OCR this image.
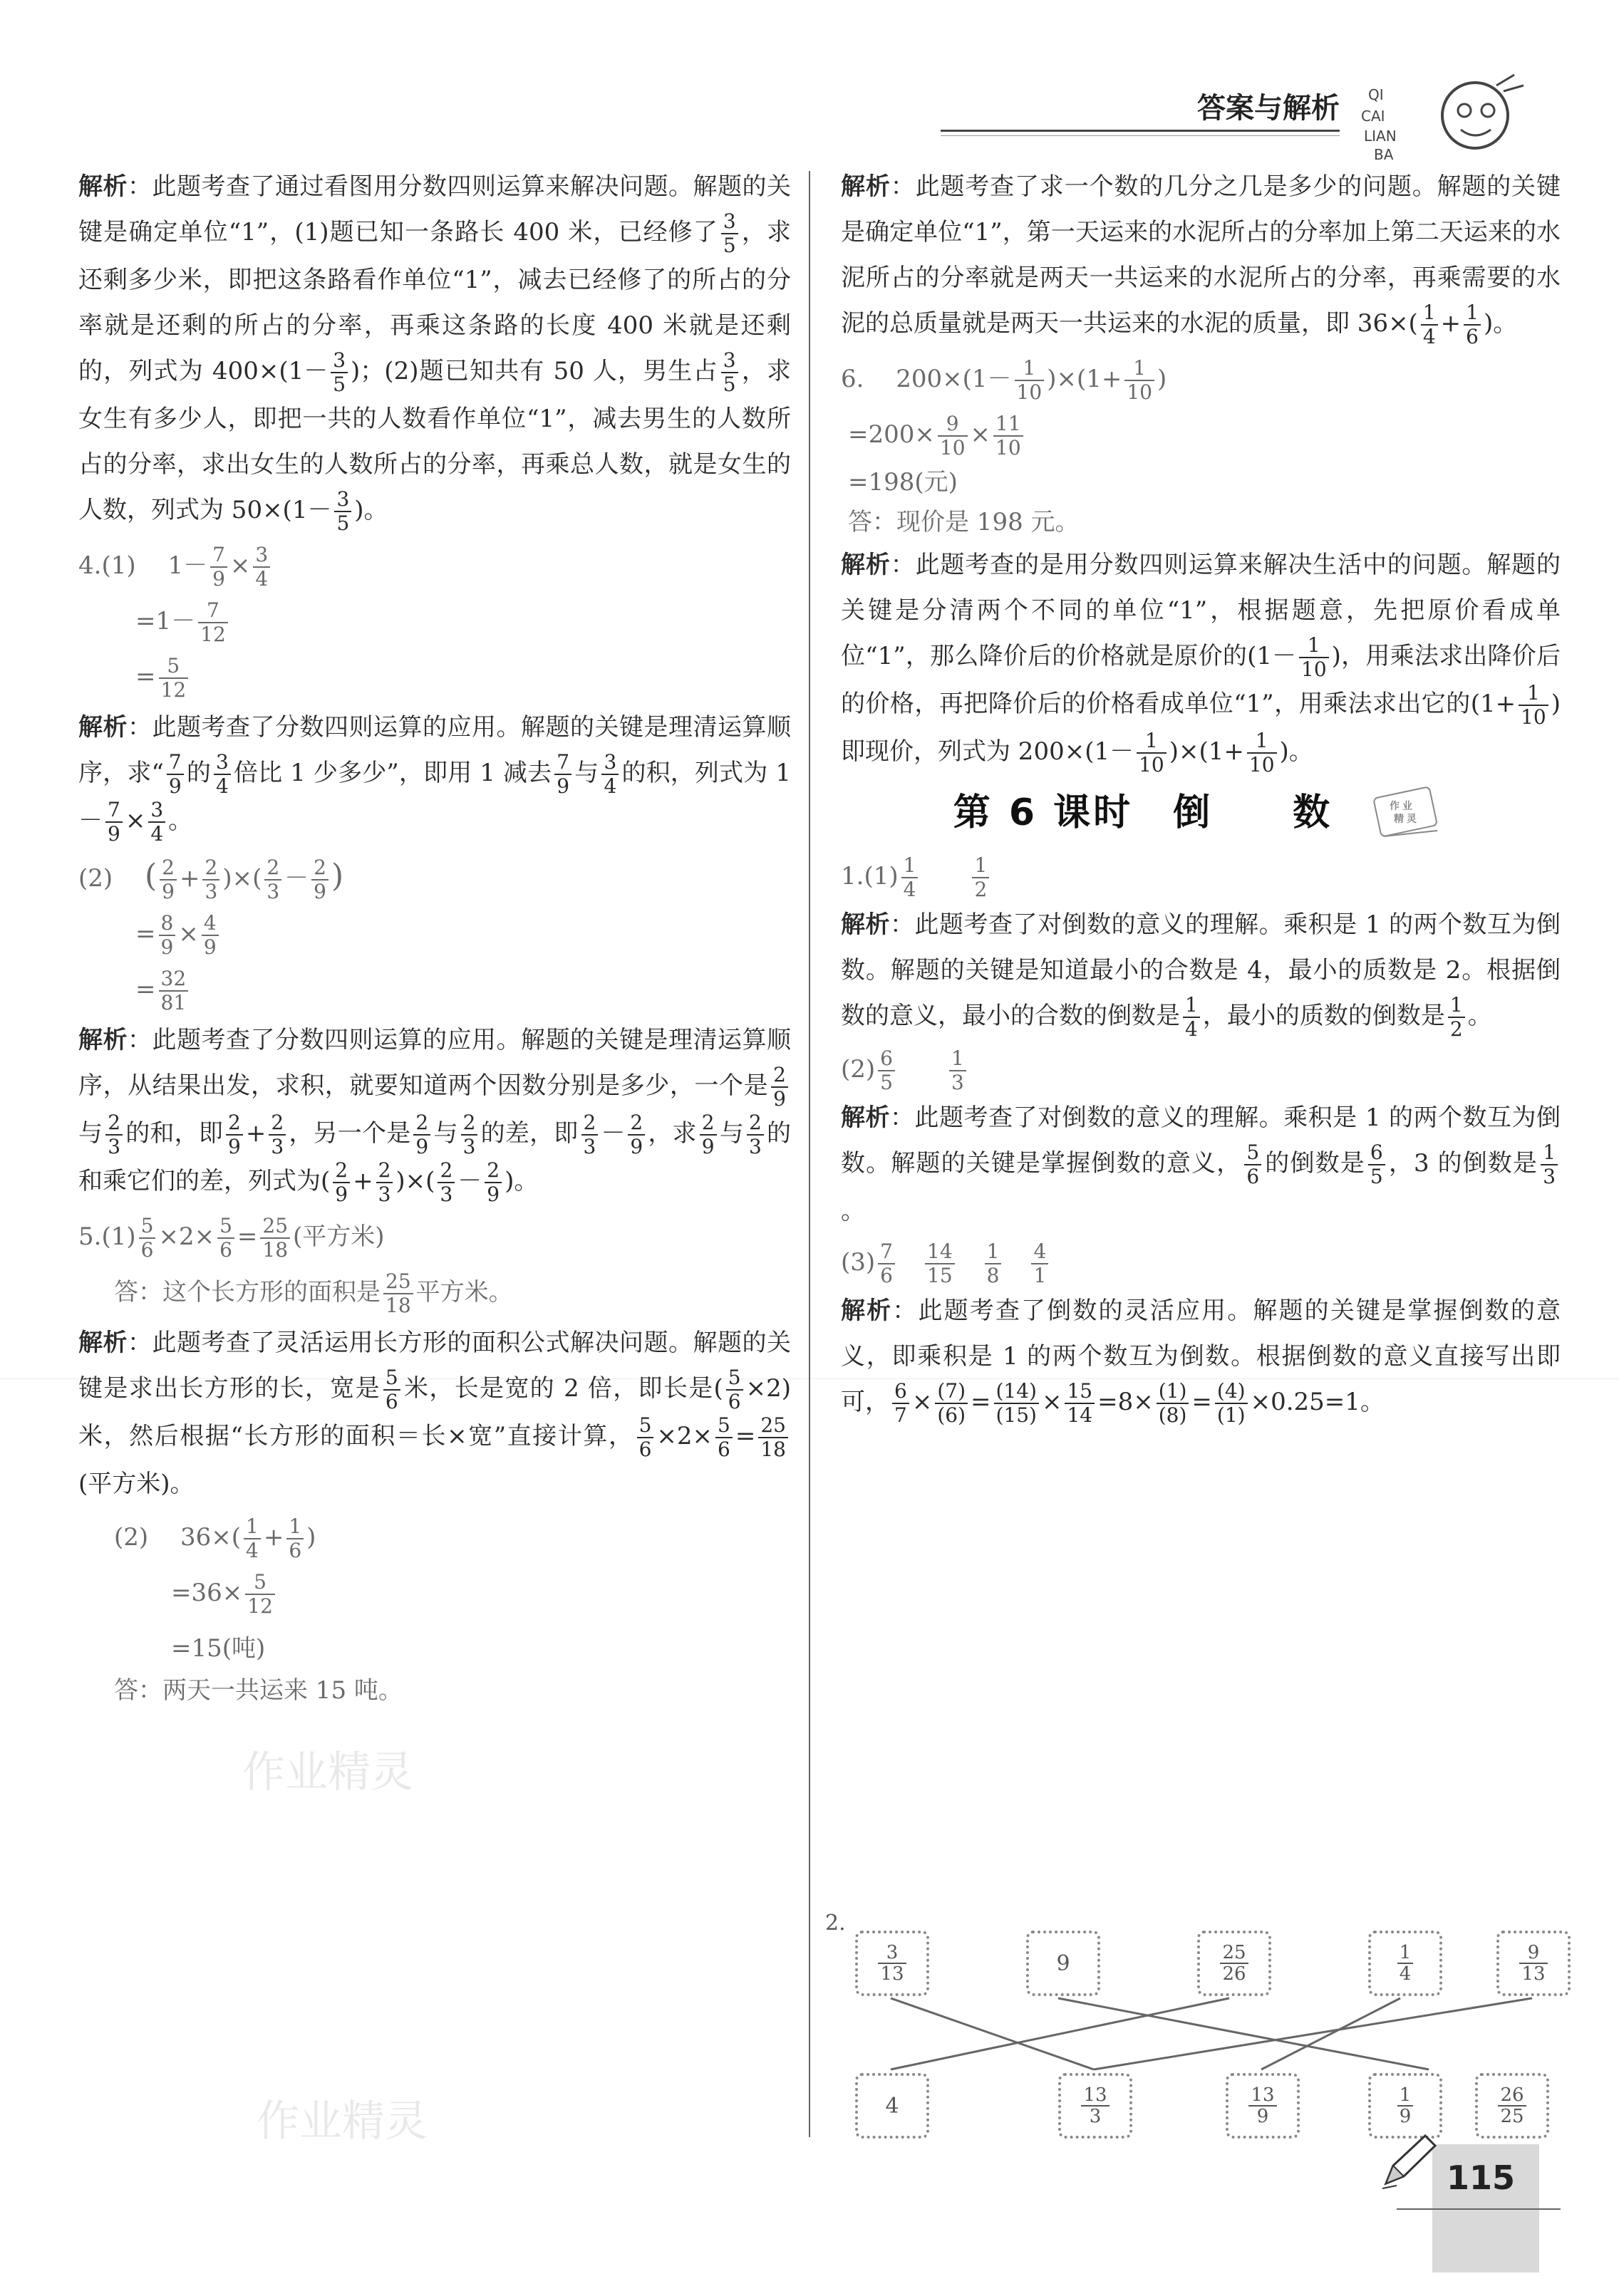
答案与解析 QI
CAI
LIAN
BA

解析：此题考查了通过看图用分数四则运算来解决问题。解题的关键是确定单位“1”，(1)题已知一条路长 400 米，已经修了 $\frac{3}{5}$ ，求还剩多少米，即把这条路看作单位“1”，减去已经修了的所占的分率就是还剩的所占的分率，再乘这条路的长度 400 米就是还剩的，列式为 $400\times(1- \frac{3}{5}$ )；(2)题已知共有 50 人，男生占 $\frac{3}{5}$ ，求女生有多少人，即把一共的人数看作单位“1”，减去男生的人数所占的分率，求出女生的人数所占的分率，再乘总人数，就是女生的人数，列式为 $50\times(1- \frac{3}{5}$ )。

4.(1)　 $1- \frac{7}{9} \times \frac{3}{4}$

$=1- \frac{7}{12}$

= $\frac{5}{12}$

解析：此题考查了分数四则运算的应用。解题的关键是理清运算顺序，求“ $\frac{7}{9}$ 的 $\frac{3}{4}$ 倍比 1 少多少”，即用 1 减去 $\frac{7}{9}$ 与 $\frac{3}{4}$ 的积，列式为 $1- \frac{7}{9} \times \frac{3}{4}$ 。

(2)　 ( $\frac{2}{9} + \frac{2}{3}$ )×( $\frac{2}{3} - \frac{2}{9}$ )

= $\frac{8}{9} \times \frac{4}{9}$

= $\frac{32}{81}$

解析：此题考查了分数四则运算的应用。解题的关键是理清运算顺序，从结果出发，求积，就要知道两个因数分别是多少，一个是 $\frac{2}{9}$
与 $\frac{2}{3}$ 的和，即 $\frac{2}{9} + \frac{2}{3}$ ，另一个是 $\frac{2}{9}$ 与 $\frac{2}{3}$ 的差，即 $\frac{2}{3} - \frac{2}{9}$ ，求 $\frac{2}{9}$ 与 $\frac{2}{3}$ 的和乘它们的差，列式为( $\frac{2}{9} + \frac{2}{3}$ )×( $\frac{2}{3} - \frac{2}{9}$ )。

$5.(1) \frac{5}{6} \times 2\times \frac{5}{6} = \frac{25}{18}$ (平方米)

答：这个长方形的面积是 $\frac{25}{18}$ 平方米。

解析：此题考查了灵活运用长方形的面积公式解决问题。解题的关键是求出长方形的长，宽是 $\frac{5}{6}$ 米，长是宽的 2 倍，即长是( $\frac{5}{6} \times 2$)米，然后根据“长方形的面积＝长×宽”直接计算， $\frac{5}{6} \times 2\times \frac{5}{6} = \frac{25}{18}$
(平方米)。

(2)　 $36\times( \frac{1}{4} + \frac{1}{6}$ )

$=36\times \frac{5}{12}$

=15(吨)

答：两天一共运来 15 吨。

作业精灵
作业精灵

解析：此题考查了求一个数的几分之几是多少的问题。解题的关键是确定单位“1”，第一天运来的水泥所占的分率加上第二天运来的水泥所占的分率就是两天一共运来的水泥所占的分率，再乘需要的水泥的总质量就是两天一共运来的水泥的质量，即 $36\times( \frac{1}{4} + \frac{1}{6}$ )。

6.　 $200\times(1- \frac{1}{10} )\times(1+ \frac{1}{10}$ )

$=200\times \frac{9}{10} \times \frac{11}{10}$

=198(元)

答：现价是 198 元。

解析：此题考查的是用分数四则运算来解决生活中的问题。解题的关键是分清两个不同的单位“1”，根据题意，先把原价看成单位“1”，那么降价后的价格就是原价的($1- \frac{1}{10}$ )，用乘法求出降价后的价格，再把降价后的价格看成单位“1”，用乘法求出它的($1+ \frac{1}{10}$ )即现价，列式为 $200\times(1- \frac{1}{10} )\times(1+ \frac{1}{10}$ )。

第 6 课时　倒　　数	作业
精灵

$1.(1) \frac{1}{4}$
　　	$\frac{1}{2}$

解析：此题考查了对倒数的意义的理解。乘积是 1 的两个数互为倒数。解题的关键是知道最小的合数是 4，最小的质数是 2。根据倒数的意义，最小的合数的倒数是 $\frac{1}{4}$ ，最小的质数的倒数是 $\frac{1}{2}$ 。

$(2) \frac{6}{5}$
　　	$\frac{1}{3}$

解析：此题考查了对倒数的意义的理解。乘积是 1 的两个数互为倒数。解题的关键是掌握倒数的意义， $\frac{5}{6}$ 的倒数是 $\frac{6}{5}$ ，3 的倒数是 $\frac{1}{3}$
。

$(3) \frac{7}{6}$
　 $\frac{14}{15}$
　 $\frac{1}{8}$
　 $\frac{4}{1}$

解析：此题考查了倒数的灵活应用。解题的关键是掌握倒数的意义，即乘积是 1 的两个数互为倒数。根据倒数的意义直接写出即可， $\frac{6}{7} \times \frac{(7)}{(6)} = \frac{(14)}{(15)} \times \frac{15}{14} =8\times \frac{(1)}{(8)} = \frac{(4)}{(1)} \times 0.25=1$。

2.
$\frac{3}{13}$	9	$\frac{25}{26}$	$\frac{1}{4}$	$\frac{9}{13}$
4	$\frac{13}{3}$	$\frac{13}{9}$	$\frac{1}{9}$	$\frac{26}{25}$
115
